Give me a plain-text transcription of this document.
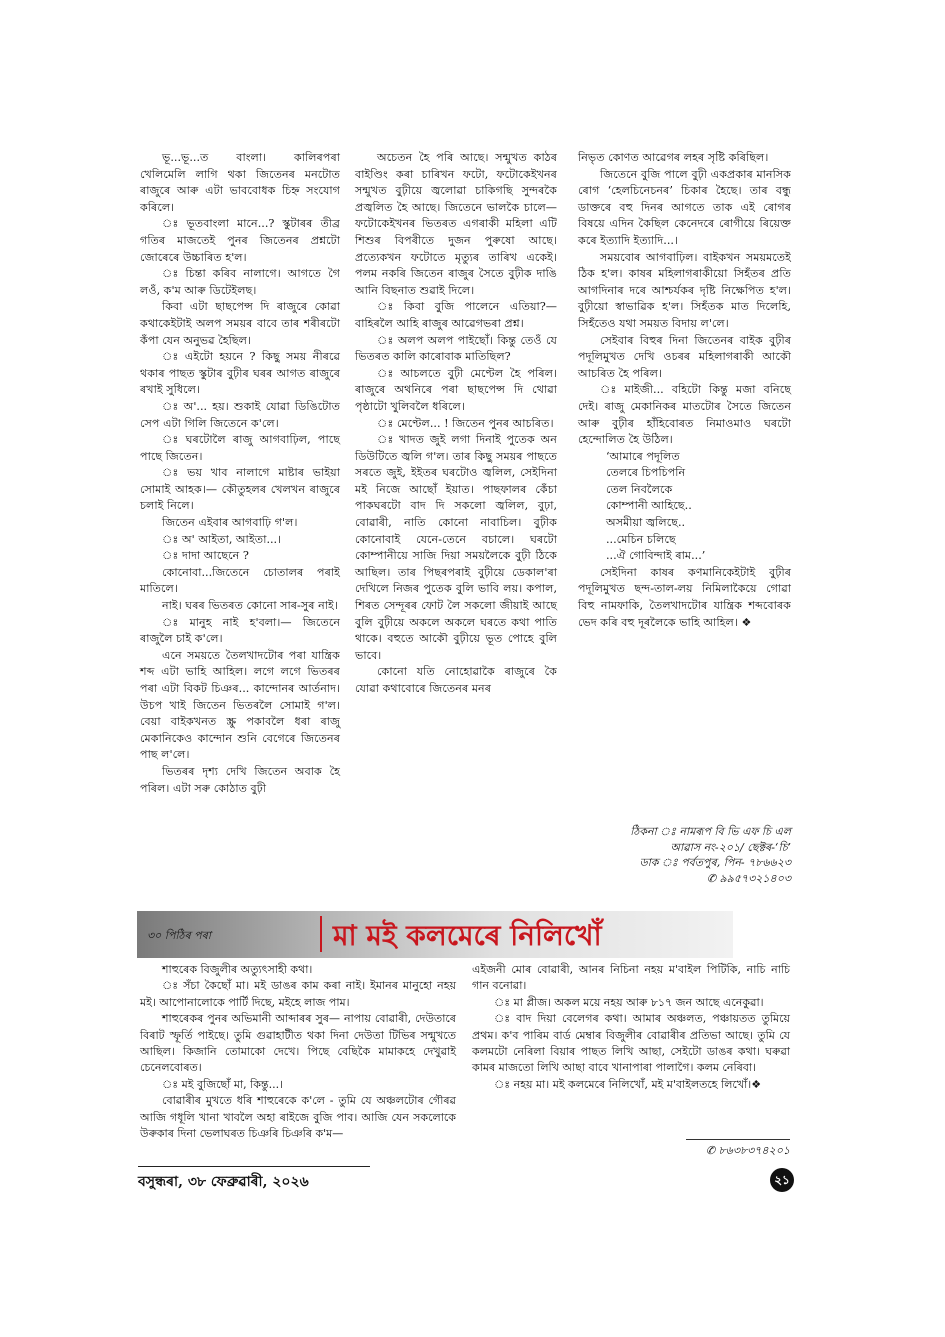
ভূ...ভূ...ত বাংলা। কালিৰপৰা খেলিমেলি লাগি থকা জিতেনৰ মনটোত ৰাজুৰে আৰু এটা ভাববোধক চিহ্ন সংযোগ কৰিলে।

ঃ ভূতবাংলা মানে...? স্কুটাৰৰ তীব্ৰ গতিৰ মাজতেই পুনৰ জিতেনৰ প্ৰশ্নটো জোৰেৰে উচ্চাৰিত হ'ল।

ঃ চিন্তা কৰিব নালাগে। আগতে গৈ লওঁ, ক'ম আৰু ডিটেইলছ।

কিবা এটা ছাছপেন্স দি ৰাজুৰে কোৱা কথাকেইটাই অলপ সময়ৰ বাবে তাৰ শৰীৰটো কঁপা যেন অনুভৱ হৈছিল।

ঃ এইটো হয়নে ? কিছু সময় নীৰৱে থকাৰ পাছত স্কুটাৰ বুঢ়ীৰ ঘৰৰ আগত ৰাজুৰে ৰখাই সুধিলে।

ঃ অ'... হয়। শুকাই যোৱা ডিঙিটোত সেপ এটা গিলি জিতেনে ক'লে।

ঃ ঘৰটোলৈ ৰাজু আগবাঢ়িল, পাছে পাছে জিতেন।

ঃ ভয় খাব নালাগে মাষ্টাৰ ভাইয়া সোমাই আহক।— কৌতুহলৰ খেলখন ৰাজুৰে চলাই নিলে।

জিতেন এইবাৰ আগবাঢ়ি গ'ল।

ঃ অ' আইতা, আইতা...।

ঃ দাদা আছেনে ?

কোনোবা...জিতেনে চোতালৰ পৰাই মাতিলে।

নাই। ঘৰৰ ভিতৰত কোনো সাৰ-সুৰ নাই।

ঃ মানুহ নাই হ'বলা।— জিতেনে ৰাজুলৈ চাই ক'লে।

এনে সময়তে তৈলখাদটোৰ পৰা যান্ত্ৰিক শব্দ এটা ভাহি আহিল। লগে লগে ভিতৰৰ পৰা এটা বিকট চিঞৰ... কান্দোনৰ আৰ্তনাদ। উচপ খাই জিতেন ভিতৰলৈ সোমাই গ'ল। বেয়া বাইকখনত স্ক্ৰু পকাবলৈ ধৰা ৰাজু মেকানিকেও কান্দোন শুনি বেগেৰে জিতেনৰ পাছ ল'লে।

ভিতৰৰ দৃশ্য দেখি জিতেন অবাক হৈ পৰিল। এটা সৰু কোঠাত বুঢ়ী

অচেতন হৈ পৰি আছে। সন্মুখত কাঠৰ বাইণ্ডিং কৰা চাৰিখন ফটো, ফটোকেইখনৰ সন্মুখত বুঢ়ীয়ে জ্বলোৱা চাকিগছি সুন্দৰকৈ প্ৰজ্বলিত হৈ আছে। জিতেনে ভালকৈ চালে— ফটোকেইখনৰ ভিতৰত এগৰাকী মহিলা এটি শিশুৰ বিপৰীতে দুজন পুৰুষো আছে। প্ৰত্যেকখন ফটোতে মৃত্যুৰ তাৰিখ একেই। পলম নকৰি জিতেন ৰাজুৰ সৈতে বুঢ়ীক দাঙি আনি বিছনাত শুৱাই দিলে।

ঃ কিবা বুজি পালেনে এতিয়া?— বাহিৰলৈ আহি ৰাজুৰ আৱেগভৰা প্ৰশ্ন।

ঃ অলপ অলপ পাইছোঁ। কিন্তু তেওঁ যে ভিতৰত কালি কাৰোবাক মাতিছিল?

ঃ আচলতে বুঢ়ী মেণ্টেল হৈ পৰিল। ৰাজুৰে অথনিৰে পৰা ছাছপেন্স দি থোৱা পৃষ্ঠাটো খুলিবলৈ ধৰিলে।

ঃ মেণ্টেল... ! জিতেন পুনৰ আচৰিত।

ঃ খাদত জুই লগা দিনাই পুতেক অন ডিউটিতে জ্বলি গ'ল। তাৰ কিছু সময়ৰ পাছতে সৰতে জুই, ইইতৰ ঘৰটোও জ্বলিল, সেইদিনা মই নিজে আছোঁ ইয়াত। পাছফালৰ কেঁচা পাকঘৰটো বাদ দি সকলো জ্বলিল, বুঢ়া, বোৱাৰী, নাতি কোনো নাবাচিল। বুঢ়ীক কোনোবাই যেনে-তেনে বচালে। ঘৰটো কোম্পানীয়ে সাজি দিয়া সময়লৈকে বুঢ়ী ঠিকে আছিল। তাৰ পিছৰপৰাই বুঢ়ীয়ে ডেকাল'ৰা দেখিলে নিজৰ পুতেক বুলি ভাবি লয়। কপাল, শিৰত সেন্দূৰৰ ফোট লৈ সকলো জীয়াই আছে বুলি বুঢ়ীয়ে অকলে অকলে ঘৰতে কথা পাতি থাকে। বহুতে আকৌ বুঢ়ীয়ে ভূত পোহে বুলি ভাবে।

কোনো যতি নোহোৱাকৈ ৰাজুৰে কৈ যোৱা কথাবোৰে জিতেনৰ মনৰ

নিভৃত কোণত আৱেগৰ লহৰ সৃষ্টি কৰিছিল।

জিতেনে বুজি পালে বুঢ়ী একপ্ৰকাৰ মানসিক ৰোগ ‘হেলচিনেচনৰ’ চিকাৰ হৈছে। তাৰ বন্ধু ডাক্তৰে বহু দিনৰ আগতে তাক এই ৰোগৰ বিষয়ে এদিন কৈছিল কেনেদৰে ৰোগীয়ে ৰিয়েক্ত কৰে ইত্যাদি ইত্যাদি...।

সময়বোৰ আগবাঢ়িল। বাইকখন সময়মতেই ঠিক হ'ল। কাষৰ মহিলাগৰাকীয়ো সিহঁতৰ প্ৰতি আগদিনাৰ দৰে আশ্চৰ্যকৰ দৃষ্টি নিক্ষেপিত হ'ল। বুঢ়ীয়ো স্বাভাৱিক হ'ল। সিহঁতক মাত দিলেহি, সিহঁতেও যথা সময়ত বিদায় ল'লে।

সেইবাৰ বিহুৰ দিনা জিতেনৰ বাইক বুঢ়ীৰ পদূলিমুখত দেখি ওচৰৰ মহিলাগৰাকী আকৌ আচৰিত হৈ পৰিল।

ঃ মাইজী... বহিটো কিন্তু মজা বনিছে দেই। ৰাজু মেকানিকৰ মাতটোৰ সৈতে জিতেন আৰু বুঢ়ীৰ হাঁহিবোৰত নিমাওমাও ঘৰটো হেন্দোলিত হৈ উঠিল।

‘আমাৰে পদূলিত

তেলৰে চিপচিপনি

তেল নিবলৈকে

কোম্পানী আহিছে..

অসমীয়া জ্বলিছে..

...মেচিন চলিছে

...ঐ গোবিন্দাই ৰাম...’

সেইদিনা কাষৰ কণমানিকেইটাই বুঢ়ীৰ পদূলিমুখত ছন্দ-তাল-লয় নিমিলাকৈয়ে গোৱা বিহু নামফাকি, তৈলখাদটোৰ যান্ত্ৰিক শব্দবোৰক ভেদ কৰি বহু দূৰলৈকে ভাহি আহিল। ❖

ঠিকনা ঃ নামৰূপ বি ভি এফ চি এল
আৱাস নং-২০১/ ছেক্টৰ-‘চি’
ডাক ঃ পৰ্বতপুৰ, পিন- ৭৮৬৬২৩
✆ ৯৯৫৭৩২১৪০৩
৩০ পিঠিৰ পৰা	মা মই কলমেৰে নিলিখোঁ

শাহুৰেক বিজুলীৰ অত্যুৎসাহী কথা।

ঃ সঁচা কৈছোঁ মা। মই ডাঙৰ কাম কৰা নাই। ইমানৰ মানুহো নহয় মই। আপোনালোকে পাৰ্টি দিছে, মইহে লাজ পাম।

শাহুৰেকৰ পুনৰ অভিমানী আব্দাৰৰ সুৰ— নাপায় বোৱাৰী, দেউতাৰে বিৰাট স্ফূৰ্তি পাইছে। তুমি গুৱাহাটীত থকা দিনা দেউতা টিভিৰ সন্মুখতে আছিল। কিজানি তোমাকো দেখে। পিছে বেছিকৈ মামাকহে দেখুৱাই চেনেলবোৰত।

ঃ মই বুজিছোঁ মা, কিন্তু...।

বোৱাৰীৰ মুখতে ধৰি শাহুৰেকে ক'লে - তুমি যে অঞ্চলটোৰ গৌৰৱ আজি গধূলি খানা খাবলৈ অহা ৰাইজে বুজি পাব। আজি যেন সকলোকে উৰুকাৰ দিনা ভেলাঘৰত চিঞৰি চিঞৰি ক'ম—

এইজনী মোৰ বোৱাৰী, আনৰ নিচিনা নহয় ম'বাইল পিটিকি, নাচি নাচি গান বনোৱা।

ঃ মা প্লীজ। অকল ময়ে নহয় আৰু ৮১৭ জন আছে এনেকুৱা।

ঃ বাদ দিয়া বেলেগৰ কথা। আমাৰ অঞ্চলত, পঞ্চায়তত তুমিয়ে প্ৰথম। ক'ব পাৰিম বাৰ্ড মেম্বাৰ বিজুলীৰ বোৱাৰীৰ প্ৰতিভা আছে। তুমি যে কলমটো নেৰিলা বিয়াৰ পাছত লিখি আছা, সেইটো ডাঙৰ কথা। ঘৰুৱা কামৰ মাজতো লিখি আছা বাবে খানাপাৰা পালাগৈ। কলম নেৰিবা।

ঃ নহয় মা। মই কলমেৰে নিলিখোঁ, মই ম'বাইলতহে লিখোঁ।❖

✆ ৮৬৩৮৩৭৪২০১
বসুন্ধৰা, ৩৮ ফেব্ৰুৱাৰী, ২০২৬	২১
